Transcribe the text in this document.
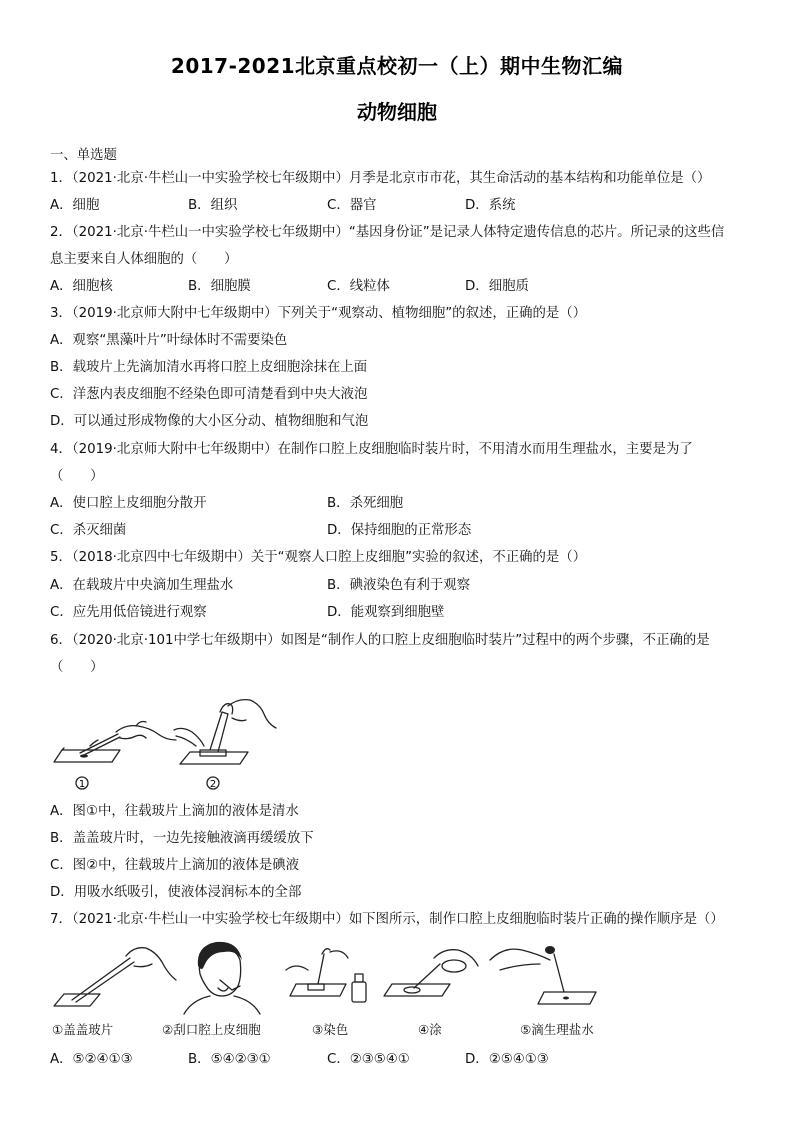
2017-2021北京重点校初一（上）期中生物汇编
动物细胞
一、单选题
1．（2021·北京·牛栏山一中实验学校七年级期中）月季是北京市市花，其生命活动的基本结构和功能单位是（）
A．细胞	B．组织	C．器官	D．系统
2．（2021·北京·牛栏山一中实验学校七年级期中）“基因身份证”是记录人体特定遗传信息的芯片。所记录的这些信
息主要来自人体细胞的（　　）
A．细胞核	B．细胞膜	C．线粒体	D．细胞质
3．（2019·北京师大附中七年级期中）下列关于“观察动、植物细胞”的叙述，正确的是（）
A．观察“黑藻叶片”叶绿体时不需要染色
B．载玻片上先滴加清水再将口腔上皮细胞涂抹在上面
C．洋葱内表皮细胞不经染色即可清楚看到中央大液泡
D．可以通过形成物像的大小区分动、植物细胞和气泡
4．（2019·北京师大附中七年级期中）在制作口腔上皮细胞临时装片时，不用清水而用生理盐水，主要是为了
（　　）
A．使口腔上皮细胞分散开	B．杀死细胞
C．杀灭细菌	D．保持细胞的正常形态
5．（2018·北京四中七年级期中）关于“观察人口腔上皮细胞”实验的叙述，不正确的是（）
A．在载玻片中央滴加生理盐水	B．碘液染色有利于观察
C．应先用低倍镜进行观察	D．能观察到细胞壁
6．（2020·北京·101中学七年级期中）如图是“制作人的口腔上皮细胞临时装片”过程中的两个步骤，不正确的是
（　　）
1	2
A．图①中，往载玻片上滴加的液体是清水
B．盖盖玻片时，一边先接触液滴再缓缓放下
C．图②中，往载玻片上滴加的液体是碘液
D．用吸水纸吸引，使液体浸润标本的全部
7．（2021·北京·牛栏山一中实验学校七年级期中）如下图所示，制作口腔上皮细胞临时装片正确的操作顺序是（）
①盖盖玻片	②刮口腔上皮细胞	③染色	④涂	⑤滴生理盐水
A．⑤②④①③	B．⑤④②③①	C．②③⑤④①	D．②⑤④①③
